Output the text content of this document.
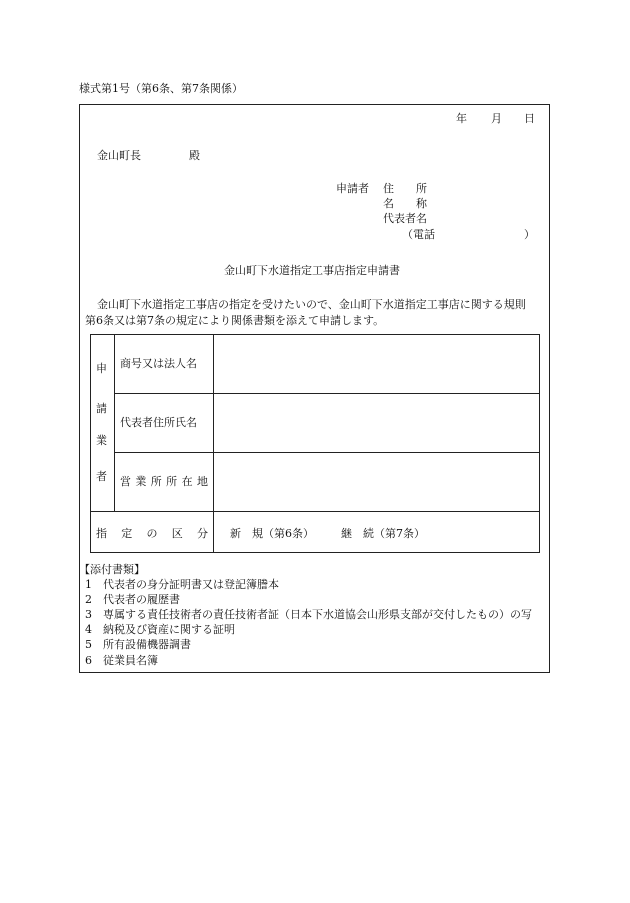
様式第1号（第6条、第7条関係）
年 月 日
金山町長	殿
申請者 住　　所
名　　称
代表者名
（電話	）
金山町下水道指定工事店指定申請書
金山町下水道指定工事店の指定を受けたいので、金山町下水道指定工事店に関する規則
第6条又は第7条の規定により関係書類を添えて申請します。
申
請
業
者
商号又は法人名
代表者住所氏名
営 業 所 所 在 地
指 定 の 区 分 新　規（第6条） 継　続（第7条）
【添付書類】
1　代表者の身分証明書又は登記簿謄本
2　代表者の履歴書
3　専属する責任技術者の責任技術者証（日本下水道協会山形県支部が交付したもの）の写
4　納税及び資産に関する証明
5　所有設備機器調書
6　従業員名簿
